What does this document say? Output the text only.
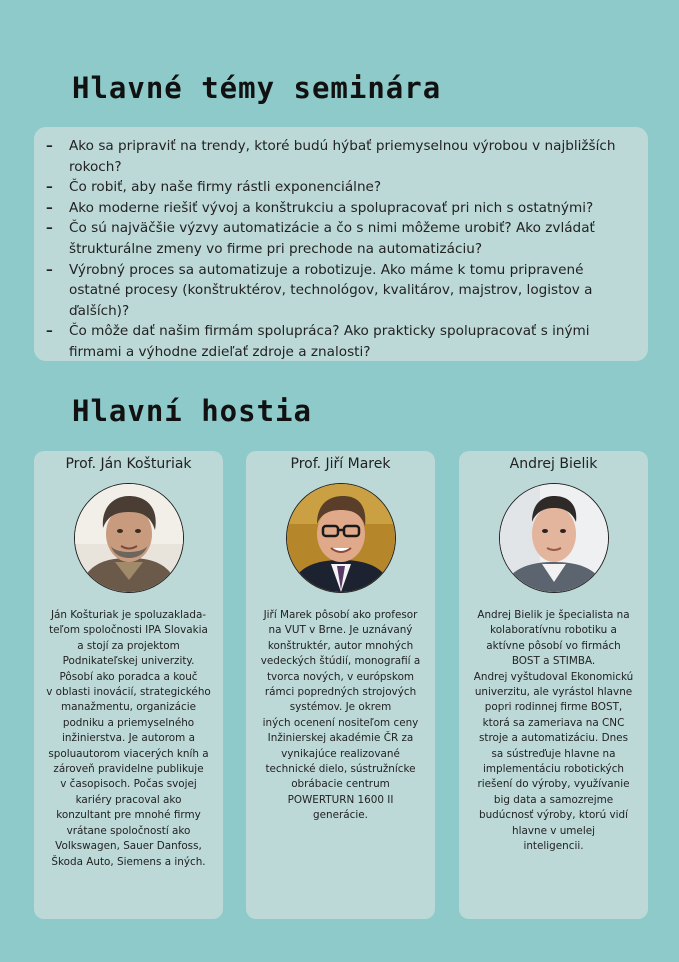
Hlavné témy seminára
– Ako sa pripraviť na trendy, ktoré budú hýbať priemyselnou výrobou v najbližších rokoch?
– Čo robiť, aby naše firmy rástli exponenciálne?
– Ako moderne riešiť vývoj a konštrukciu a spolupracovať pri nich s ostatnými?
– Čo sú najväčšie výzvy automatizácie a čo s nimi môžeme urobiť? Ako zvládať štrukturálne zmeny vo firme pri prechode na automatizáciu?
– Výrobný proces sa automatizuje a robotizuje. Ako máme k tomu pripravené ostatné procesy (konštruktérov, technológov, kvalitárov, majstrov, logistov a ďalších)?
– Čo môže dať našim firmám spolupráca? Ako prakticky spolupracovať s inými firmami a výhodne zdieľať zdroje a znalosti?
Hlavní hostia
Prof. Ján Košturiak
Ján Košturiak je spoluzaklada-
teľom spoločnosti IPA Slovakia
a stojí za projektom
Podnikateľskej univerzity.
Pôsobí ako poradca a kouč
v oblasti inovácií, strategického
manažmentu, organizácie
podniku a priemyselného
inžinierstva. Je autorom a
spoluautorom viacerých kníh a
zároveň pravidelne publikuje
v časopisoch. Počas svojej
kariéry pracoval ako
konzultant pre mnohé firmy
vrátane spoločností ako
Volkswagen, Sauer Danfoss,
Škoda Auto, Siemens a iných.
Prof. Jiří Marek
Jiří Marek pôsobí ako profesor
na VUT v Brne. Je uznávaný
konštruktér, autor mnohých
vedeckých štúdií, monografií a
tvorca nových, v európskom
rámci popredných strojových
systémov. Je okrem
iných ocenení nositeľom ceny
Inžinierskej akadémie ČR za
vynikajúce realizované
technické dielo, sústružnícke
obrábacie centrum
POWERTURN 1600 II
generácie.
Andrej Bielik
Andrej Bielik je špecialista na
kolaboratívnu robotiku a
aktívne pôsobí vo firmách
BOST a STIMBA.
Andrej vyštudoval Ekonomickú
univerzitu, ale vyrástol hlavne
popri rodinnej firme BOST,
ktorá sa zameriava na CNC
stroje a automatizáciu. Dnes
sa sústreďuje hlavne na
implementáciu robotických
riešení do výroby, využívanie
big data a samozrejme
budúcnosť výroby, ktorú vidí
hlavne v umelej
inteligencii.
